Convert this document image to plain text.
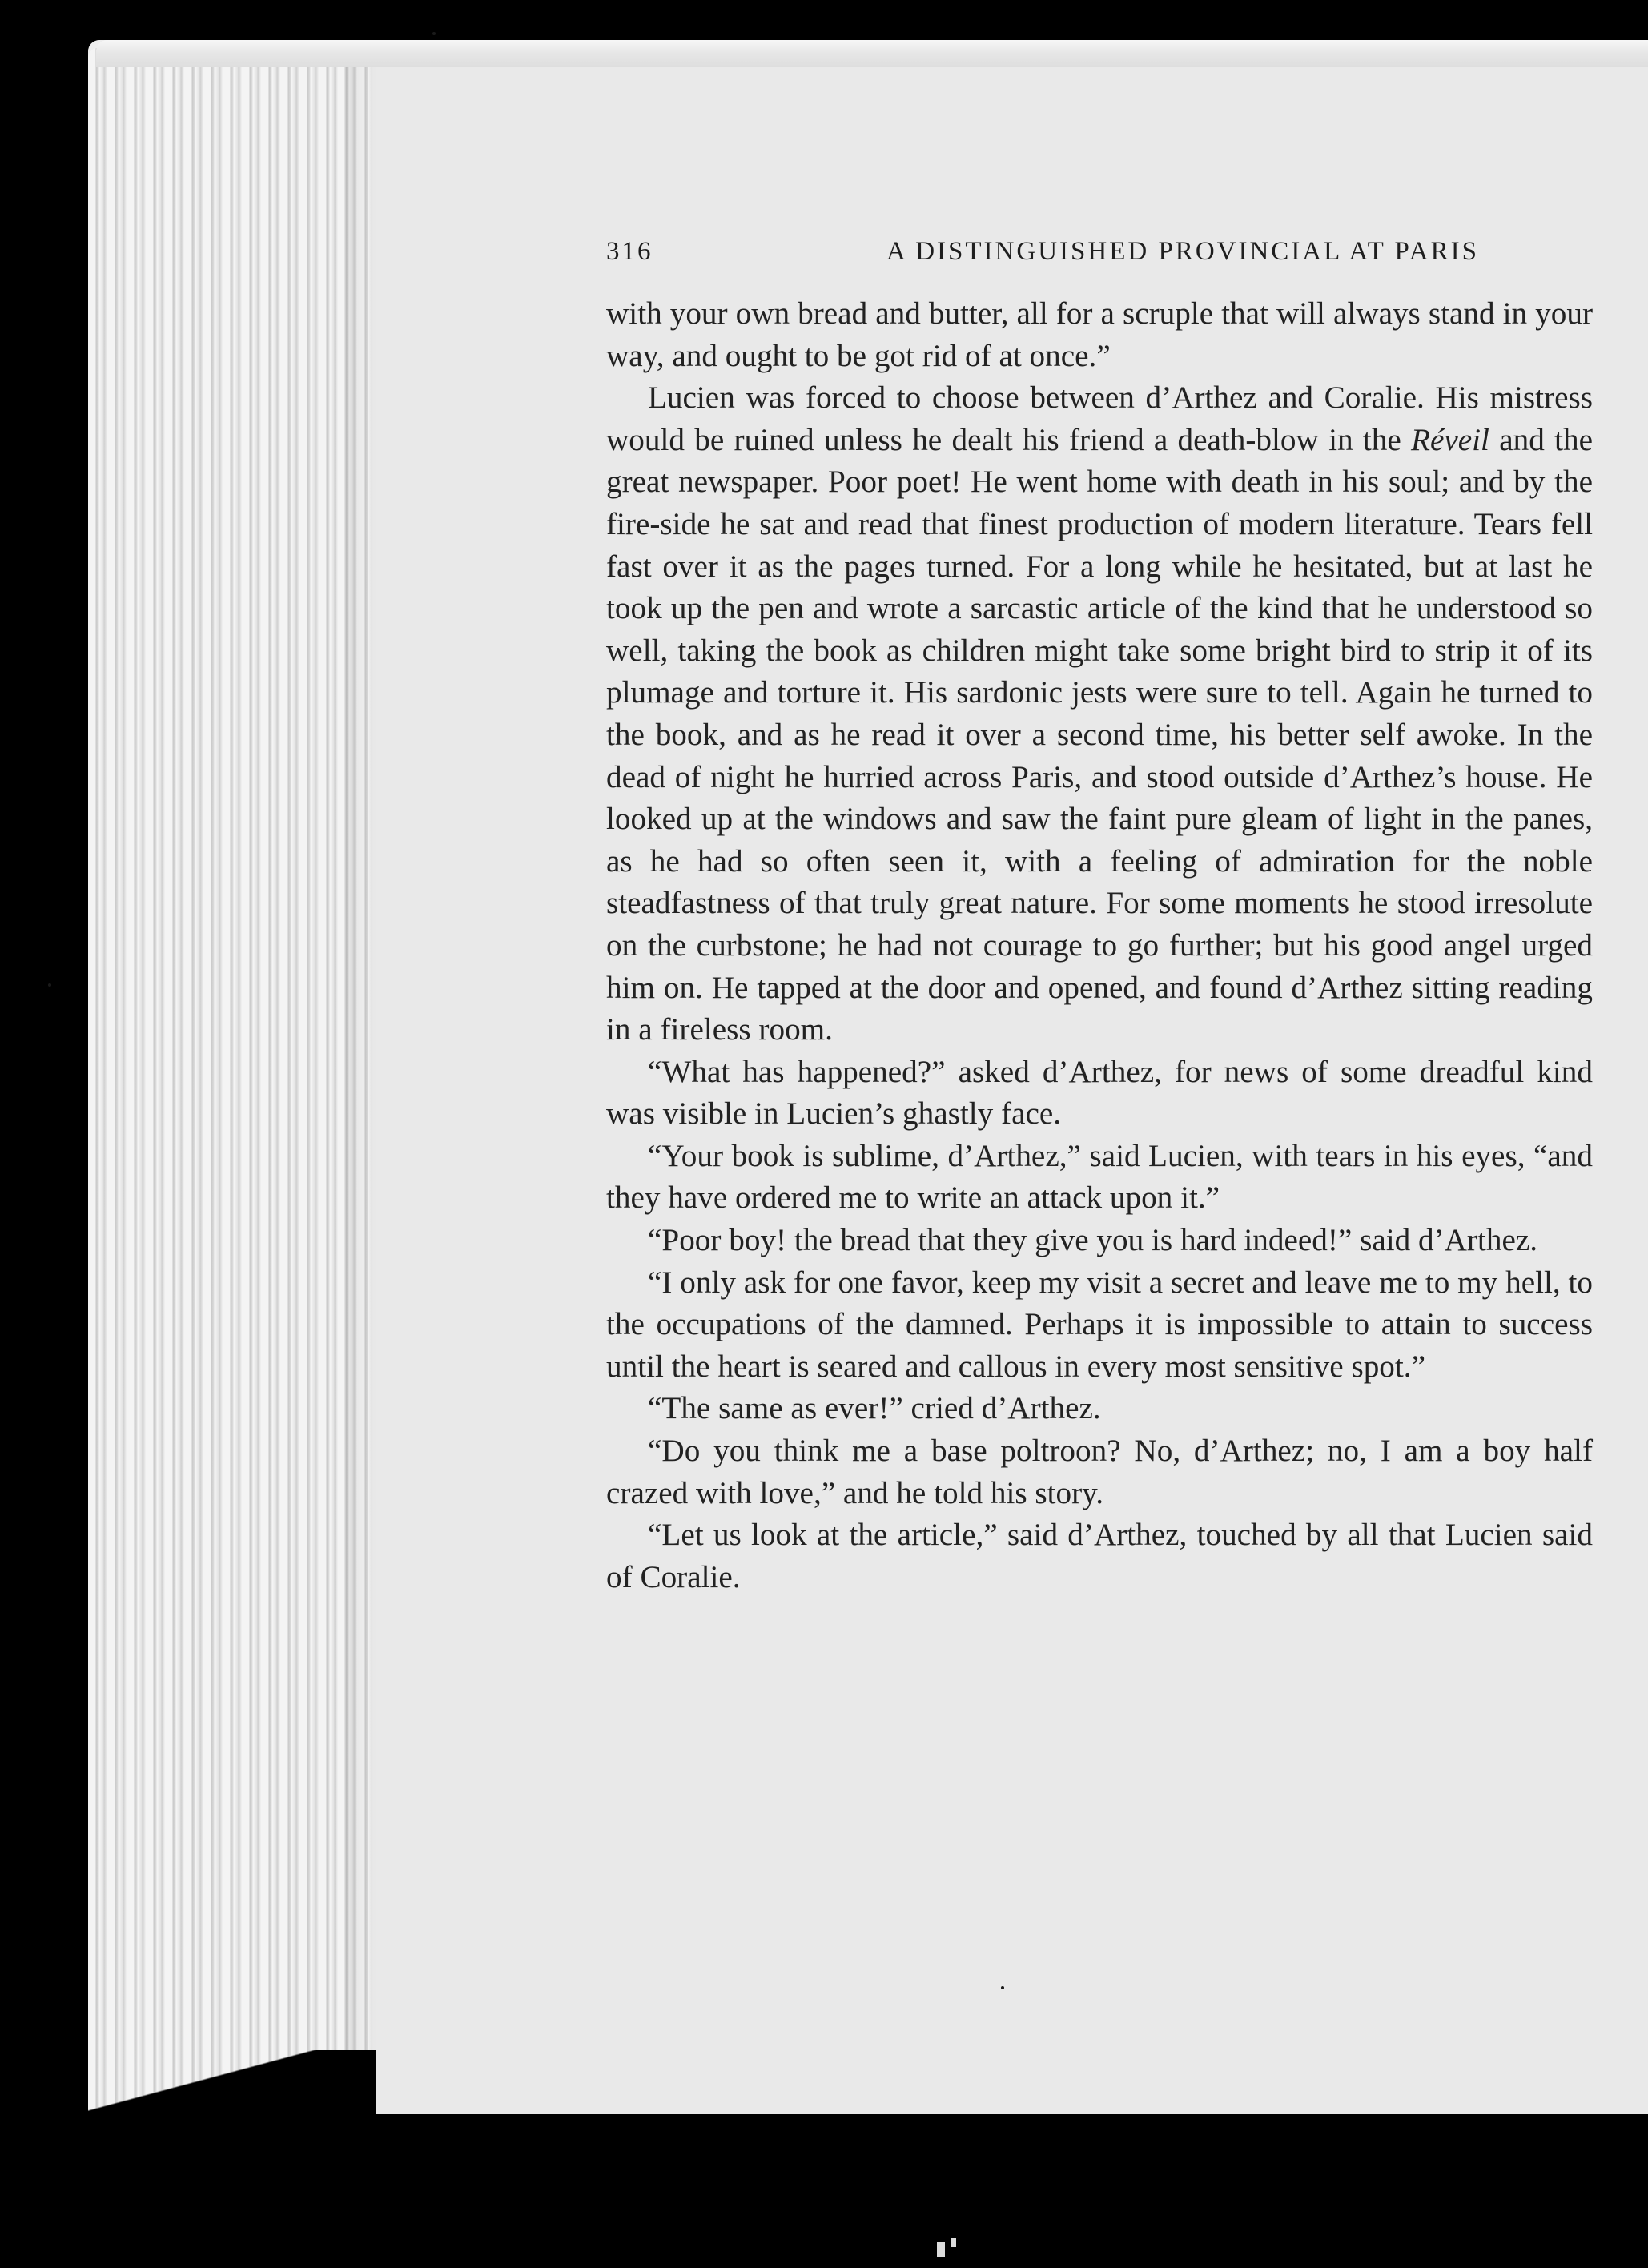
316	A DISTINGUISHED PROVINCIAL AT PARIS

with your own bread and butter, all for a scruple that will always stand in your way, and ought to be got rid of at once.”

Lucien was forced to choose between d’Arthez and Coralie. His mistress would be ruined unless he dealt his friend a death-blow in the Réveil and the great newspaper. Poor poet! He went home with death in his soul; and by the fire-side he sat and read that finest production of modern literature. Tears fell fast over it as the pages turned. For a long while he hesitated, but at last he took up the pen and wrote a sarcastic article of the kind that he understood so well, taking the book as children might take some bright bird to strip it of its plumage and torture it. His sardonic jests were sure to tell. Again he turned to the book, and as he read it over a second time, his better self awoke. In the dead of night he hurried across Paris, and stood outside d’Arthez’s house. He looked up at the windows and saw the faint pure gleam of light in the panes, as he had so often seen it, with a feeling of admiration for the noble steadfastness of that truly great nature. For some moments he stood irresolute on the curbstone; he had not courage to go further; but his good angel urged him on. He tapped at the door and opened, and found d’Arthez sitting reading in a fireless room.

“What has happened?” asked d’Arthez, for news of some dreadful kind was visible in Lucien’s ghastly face.

“Your book is sublime, d’Arthez,” said Lucien, with tears in his eyes, “and they have ordered me to write an attack upon it.”

“Poor boy! the bread that they give you is hard indeed!” said d’Arthez.

“I only ask for one favor, keep my visit a secret and leave me to my hell, to the occupations of the damned. Perhaps it is impossible to attain to success until the heart is seared and callous in every most sensitive spot.”

“The same as ever!” cried d’Arthez.

“Do you think me a base poltroon? No, d’Arthez; no, I am a boy half crazed with love,” and he told his story.

“Let us look at the article,” said d’Arthez, touched by all that Lucien said of Coralie.
